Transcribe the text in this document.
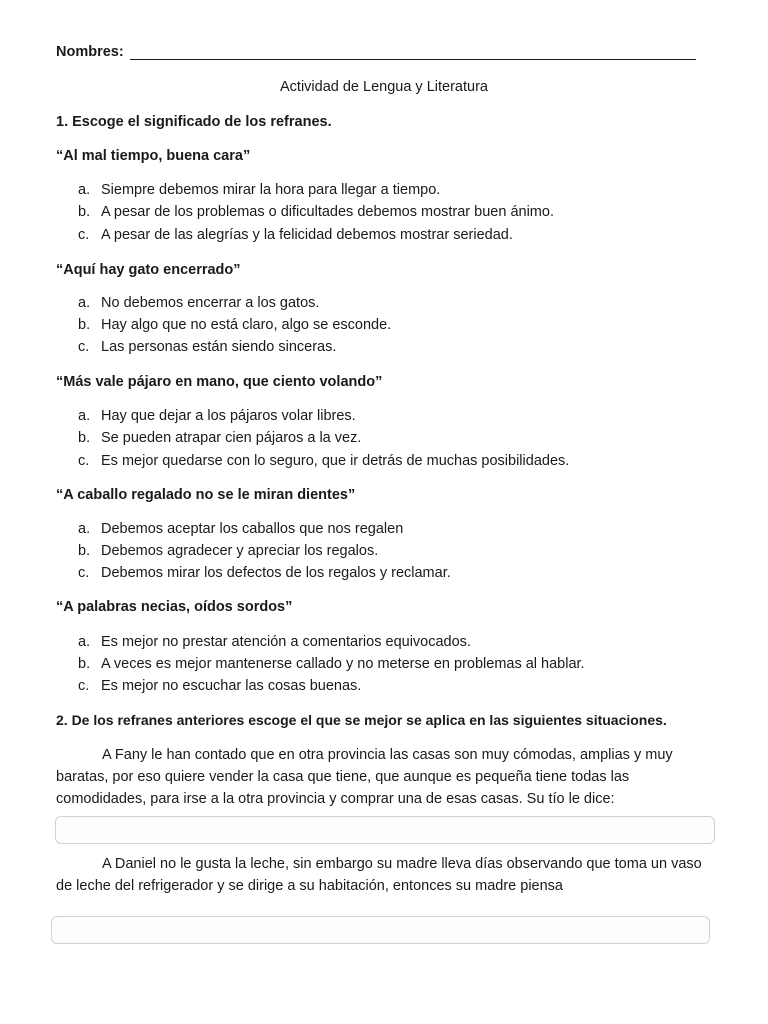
Nombres:
Actividad de Lengua y Literatura
1. Escoge el significado de los refranes.
“Al mal tiempo, buena cara”
a. Siempre debemos mirar la hora para llegar a tiempo.
b. A pesar de los problemas o dificultades debemos mostrar buen ánimo.
c. A pesar de las alegrías y la felicidad debemos mostrar seriedad.
“Aquí hay gato encerrado”
a. No debemos encerrar a los gatos.
b. Hay algo que no está claro, algo se esconde.
c. Las personas están siendo sinceras.
“Más vale pájaro en mano, que ciento volando”
a. Hay que dejar a los pájaros volar libres.
b. Se pueden atrapar cien pájaros a la vez.
c. Es mejor quedarse con lo seguro, que ir detrás de muchas posibilidades.
“A caballo regalado no se le miran dientes”
a. Debemos aceptar los caballos que nos regalen
b. Debemos agradecer y apreciar los regalos.
c. Debemos mirar los defectos de los regalos y reclamar.
“A palabras necias, oídos sordos”
a. Es mejor no prestar atención a comentarios equivocados.
b. A veces es mejor mantenerse callado y no meterse en problemas al hablar.
c. Es mejor no escuchar las cosas buenas.
2. De los refranes anteriores escoge el que se mejor se aplica en las siguientes situaciones.
A Fany le han contado que en otra provincia las casas son muy cómodas, amplias y muy baratas, por eso quiere vender la casa que tiene, que aunque es pequeña tiene todas las comodidades, para irse a la otra provincia y comprar una de esas casas. Su tío le dice:
A Daniel no le gusta la leche, sin embargo su madre lleva días observando que toma un vaso de leche del refrigerador y se dirige a su habitación, entonces su madre piensa
